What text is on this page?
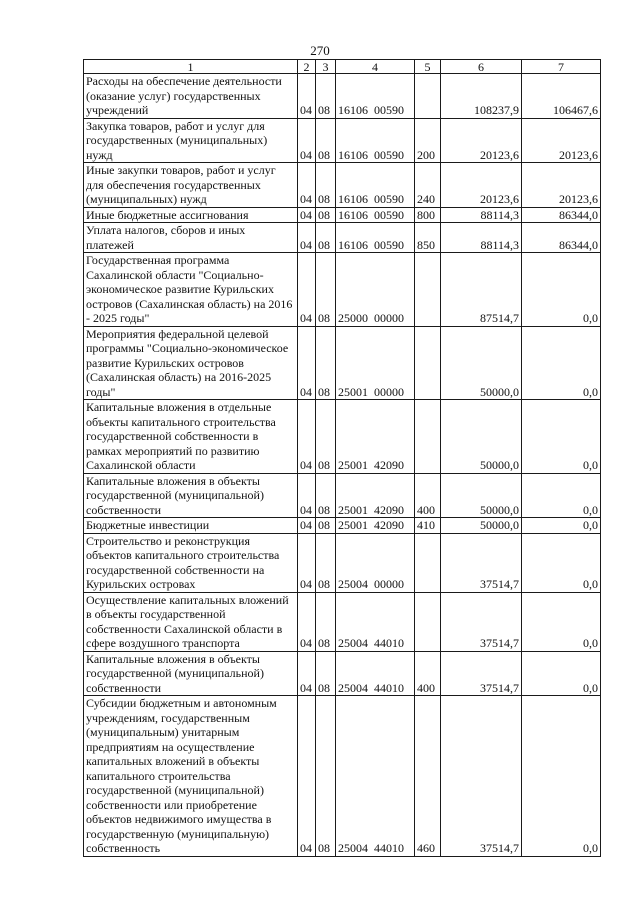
270
1	2	3	4	5	6	7
Расходы на обеспечение деятельности (оказание услуг) государственных учреждений	04	08	16106 00590		108237,9	106467,6
Закупка товаров, работ и услуг для государственных (муниципальных) нужд	04	08	16106 00590	200	20123,6	20123,6
Иные закупки товаров, работ и услуг для обеспечения государственных (муниципальных) нужд	04	08	16106 00590	240	20123,6	20123,6
Иные бюджетные ассигнования	04	08	16106 00590	800	88114,3	86344,0
Уплата налогов, сборов и иных платежей	04	08	16106 00590	850	88114,3	86344,0
Государственная программа Сахалинской области "Социально-экономическое развитие Курильских островов (Сахалинская область) на 2016 - 2025 годы"	04	08	25000 00000		87514,7	0,0
Мероприятия федеральной целевой программы "Социально-экономическое развитие Курильских островов (Сахалинская область) на 2016-2025 годы"	04	08	25001 00000		50000,0	0,0
Капитальные вложения в отдельные объекты капитального строительства государственной собственности в рамках мероприятий по развитию Сахалинской области	04	08	25001 42090		50000,0	0,0
Капитальные вложения в объекты государственной (муниципальной) собственности	04	08	25001 42090	400	50000,0	0,0
Бюджетные инвестиции	04	08	25001 42090	410	50000,0	0,0
Строительство и реконструкция объектов капитального строительства государственной собственности на Курильских островах	04	08	25004 00000		37514,7	0,0
Осуществление капитальных вложений в объекты государственной собственности Сахалинской области в сфере воздушного транспорта	04	08	25004 44010		37514,7	0,0
Капитальные вложения в объекты государственной (муниципальной) собственности	04	08	25004 44010	400	37514,7	0,0
Субсидии бюджетным и автономным учреждениям, государственным (муниципальным) унитарным предприятиям на осуществление капитальных вложений в объекты капитального строительства государственной (муниципальной) собственности или приобретение объектов недвижимого имущества в государственную (муниципальную) собственность	04	08	25004 44010	460	37514,7	0,0
